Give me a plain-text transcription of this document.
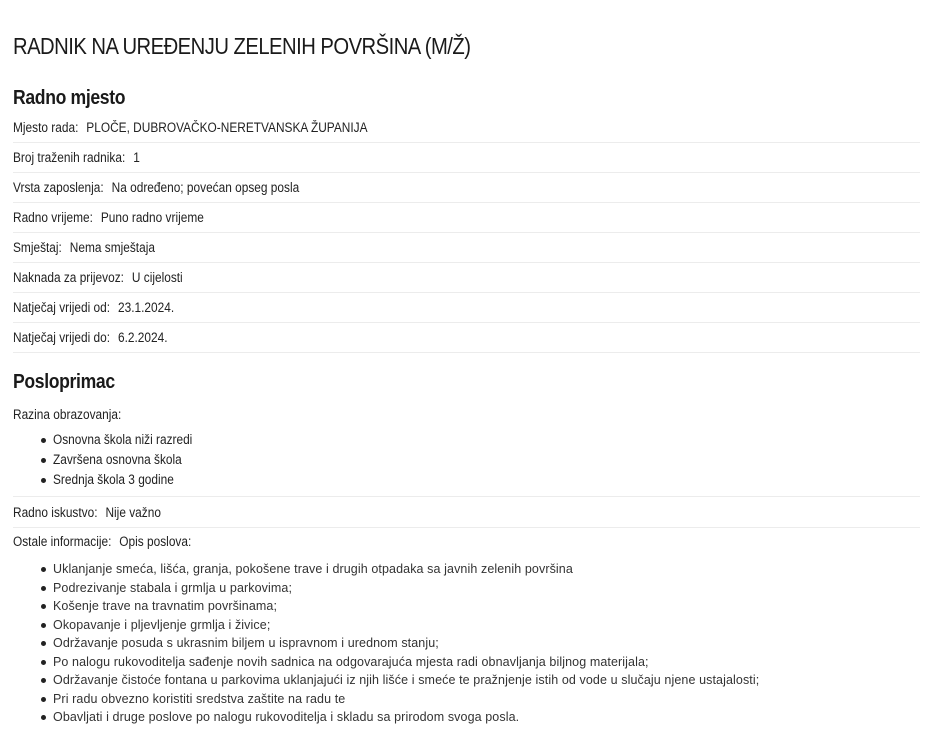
RADNIK NA UREĐENJU ZELENIH POVRŠINA (M/Ž)
Radno mjesto
Mjesto rada: PLOČE, DUBROVAČKO-NERETVANSKA ŽUPANIJA
Broj traženih radnika: 1
Vrsta zaposlenja: Na određeno; povećan opseg posla
Radno vrijeme: Puno radno vrijeme
Smještaj: Nema smještaja
Naknada za prijevoz: U cijelosti
Natječaj vrijedi od: 23.1.2024.
Natječaj vrijedi do: 6.2.2024.
Posloprimac
Razina obrazovanja:
Osnovna škola niži razredi
Završena osnovna škola
Srednja škola 3 godine
Radno iskustvo: Nije važno
Ostale informacije: Opis poslova:
Uklanjanje smeća, lišća, granja, pokošene trave i drugih otpadaka sa javnih zelenih površina
Podrezivanje stabala i grmlja u parkovima;
Košenje trave na travnatim površinama;
Okopavanje i pljevljenje grmlja i živice;
Održavanje posuda s ukrasnim biljem u ispravnom i urednom stanju;
Po nalogu rukovoditelja sađenje novih sadnica na odgovarajuća mjesta radi obnavljanja biljnog materijala;
Održavanje čistoće fontana u parkovima uklanjajući iz njih lišće i smeće te pražnjenje istih od vode u slučaju njene ustajalosti;
Pri radu obvezno koristiti sredstva zaštite na radu te
Obavljati i druge poslove po nalogu rukovoditelja i skladu sa prirodom svoga posla.
